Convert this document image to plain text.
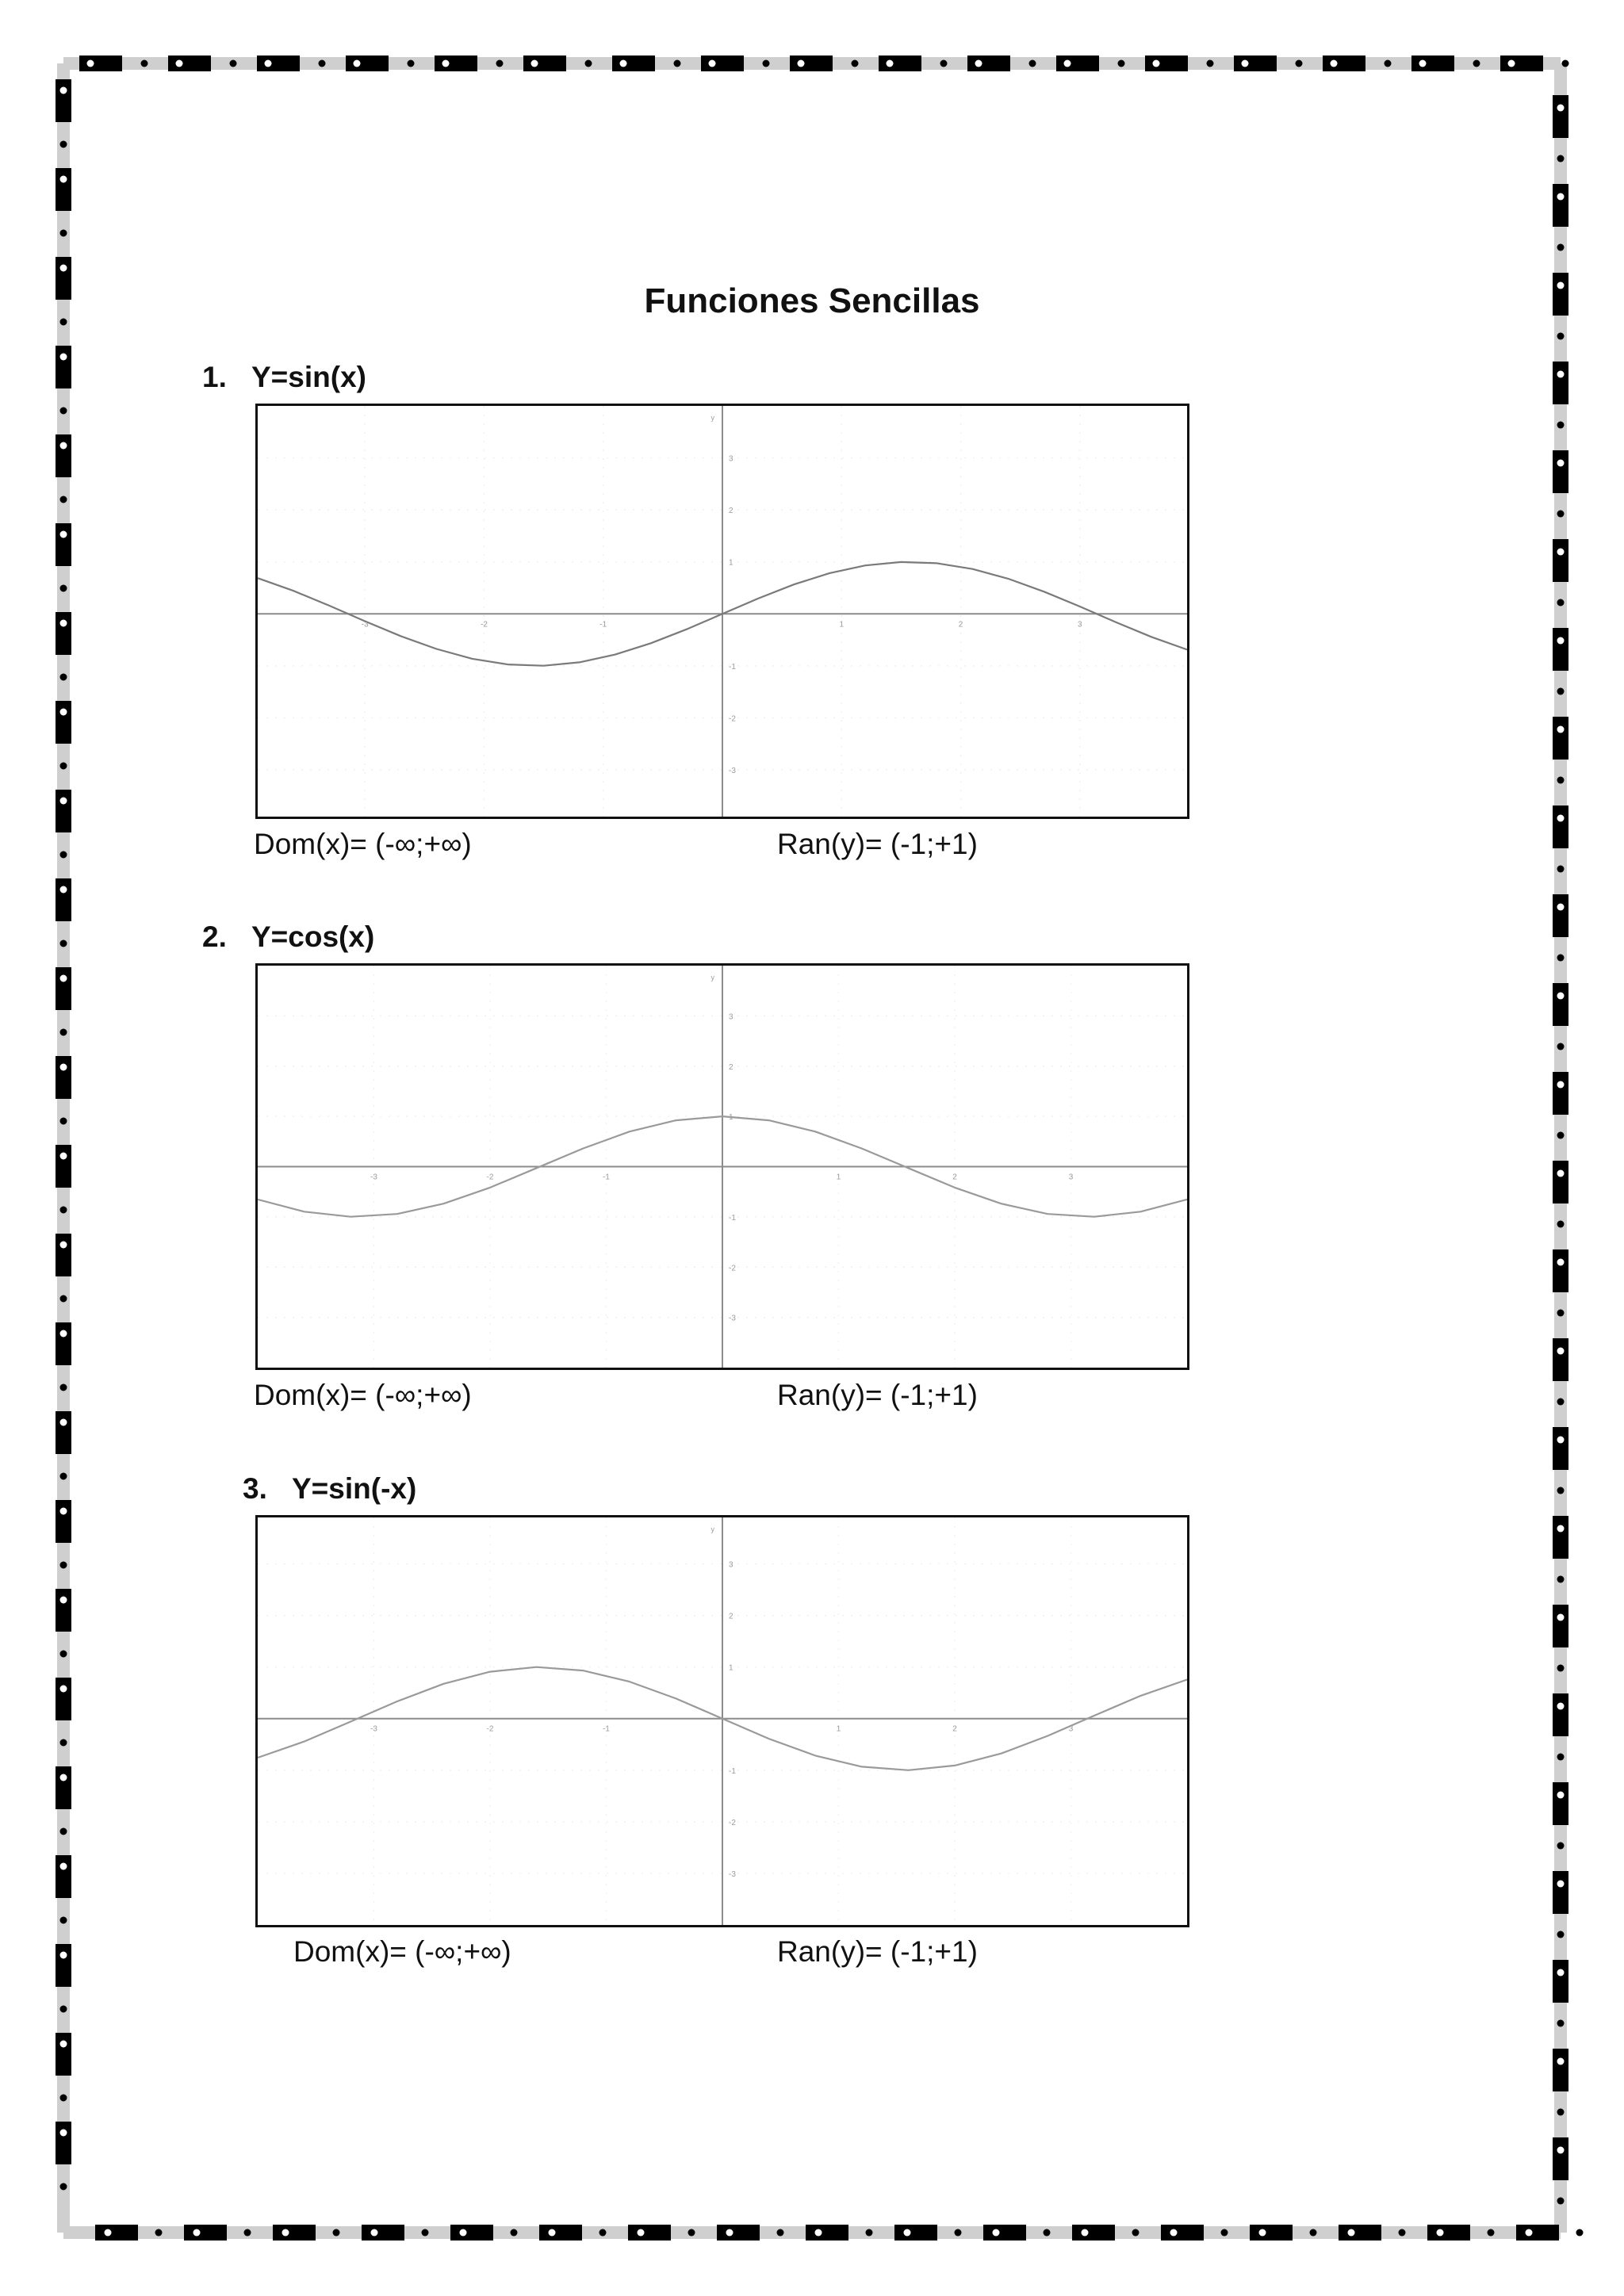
Funciones Sencillas
1. Y=sin(x)
-3	-2	-1	1	2	3
-3
-2
-1
1
2
3
y
Dom(x)= (-∞;+∞)	Ran(y)= (-1;+1)
2. Y=cos(x)
-3	-2	-1	1	2	3
-3
-2
-1
1
2
3
y
Dom(x)= (-∞;+∞)	Ran(y)= (-1;+1)
3. Y=sin(-x)
-3	-2	-1	1	2	3
-3
-2
-1
1
2
3
y
Dom(x)= (-∞;+∞)	Ran(y)= (-1;+1)
